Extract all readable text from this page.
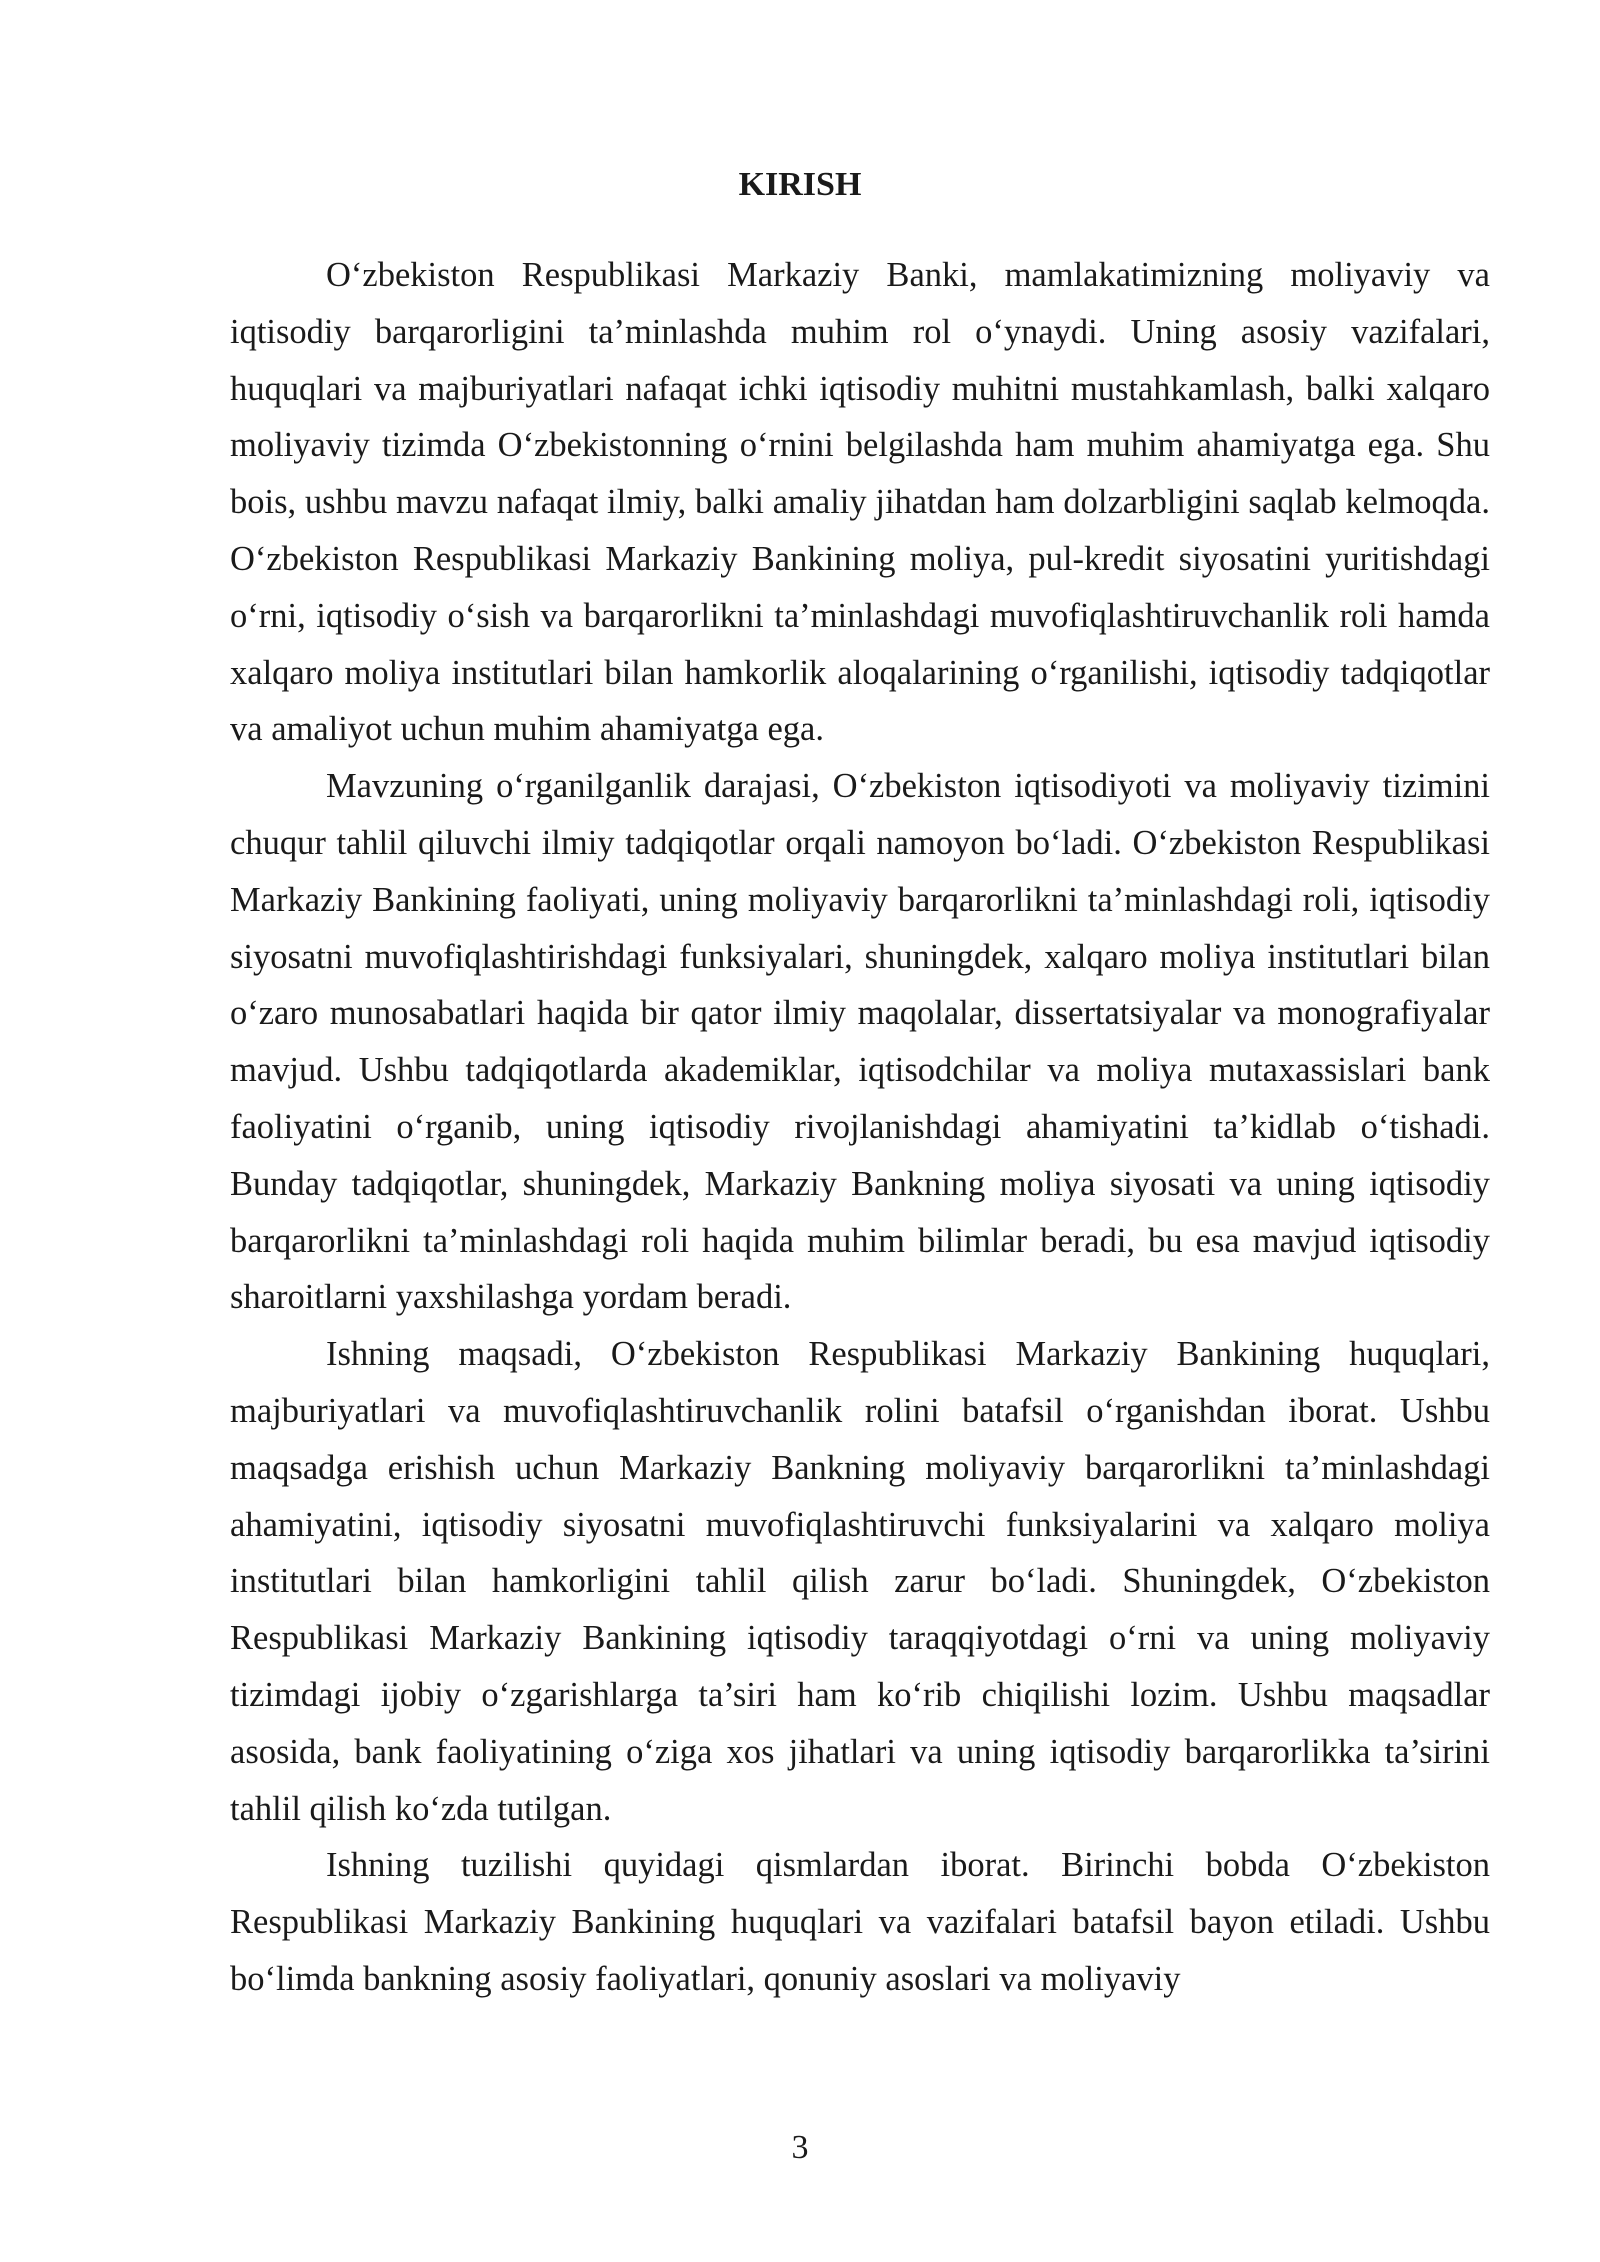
KIRISH

O‘zbekiston Respublikasi Markaziy Banki, mamlakatimizning moliyaviy va iqtisodiy barqarorligini ta’minlashda muhim rol o‘ynaydi. Uning asosiy vazifalari, huquqlari va majburiyatlari nafaqat ichki iqtisodiy muhitni mustahkamlash, balki xalqaro moliyaviy tizimda O‘zbekistonning o‘rnini belgilashda ham muhim ahamiyatga ega. Shu bois, ushbu mavzu nafaqat ilmiy, balki amaliy jihatdan ham dolzarbligini saqlab kelmoqda. O‘zbekiston Respublikasi Markaziy Bankining moliya, pul-kredit siyosatini yuritishdagi o‘rni, iqtisodiy o‘sish va barqarorlikni ta’minlashdagi muvofiqlashtiruvchanlik roli hamda xalqaro moliya institutlari bilan hamkorlik aloqalarining o‘rganilishi, iqtisodiy tadqiqotlar va amaliyot uchun muhim ahamiyatga ega.

Mavzuning o‘rganilganlik darajasi, O‘zbekiston iqtisodiyoti va moliyaviy tizimini chuqur tahlil qiluvchi ilmiy tadqiqotlar orqali namoyon bo‘ladi. O‘zbekiston Respublikasi Markaziy Bankining faoliyati, uning moliyaviy barqarorlikni ta’minlashdagi roli, iqtisodiy siyosatni muvofiqlashtirishdagi funksiyalari, shuningdek, xalqaro moliya institutlari bilan o‘zaro munosabatlari haqida bir qator ilmiy maqolalar, dissertatsiyalar va monografiyalar mavjud. Ushbu tadqiqotlarda akademiklar, iqtisodchilar va moliya mutaxassislari bank faoliyatini o‘rganib, uning iqtisodiy rivojlanishdagi ahamiyatini ta’kidlab o‘tishadi. Bunday tadqiqotlar, shuningdek, Markaziy Bankning moliya siyosati va uning iqtisodiy barqarorlikni ta’minlashdagi roli haqida muhim bilimlar beradi, bu esa mavjud iqtisodiy sharoitlarni yaxshilashga yordam beradi.

Ishning maqsadi, O‘zbekiston Respublikasi Markaziy Bankining huquqlari, majburiyatlari va muvofiqlashtiruvchanlik rolini batafsil o‘rganishdan iborat. Ushbu maqsadga erishish uchun Markaziy Bankning moliyaviy barqarorlikni ta’minlashdagi ahamiyatini, iqtisodiy siyosatni muvofiqlashtiruvchi funksiyalarini va xalqaro moliya institutlari bilan hamkorligini tahlil qilish zarur bo‘ladi. Shuningdek, O‘zbekiston Respublikasi Markaziy Bankining iqtisodiy taraqqiyotdagi o‘rni va uning moliyaviy tizimdagi ijobiy o‘zgarishlarga ta’siri ham ko‘rib chiqilishi lozim. Ushbu maqsadlar asosida, bank faoliyatining o‘ziga xos jihatlari va uning iqtisodiy barqarorlikka ta’sirini tahlil qilish ko‘zda tutilgan.

Ishning tuzilishi quyidagi qismlardan iborat. Birinchi bobda O‘zbekiston Respublikasi Markaziy Bankining huquqlari va vazifalari batafsil bayon etiladi. Ushbu bo‘limda bankning asosiy faoliyatlari, qonuniy asoslari va moliyaviy

3
